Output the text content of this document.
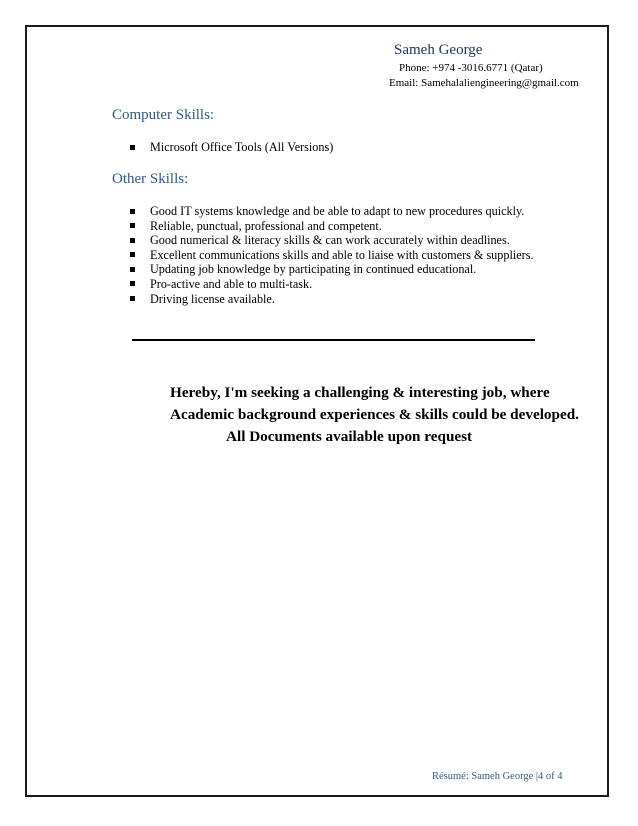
Sameh George
Phone: +974 -3016.6771 (Qatar)
Email: Samehalaliengineering@gmail.com
Computer Skills:
Microsoft Office Tools (All Versions)
Other Skills:
Good IT systems knowledge and be able to adapt to new procedures quickly.
Reliable, punctual, professional and competent.
Good numerical & literacy skills & can work accurately within deadlines.
Excellent communications skills and able to liaise with customers & suppliers.
Updating job knowledge by participating in continued educational.
Pro-active and able to multi-task.
Driving license available.
Hereby, I'm seeking a challenging & interesting job, where
Academic background experiences & skills could be developed.
All Documents available upon request
Résumé: Sameh George |4 of 4
